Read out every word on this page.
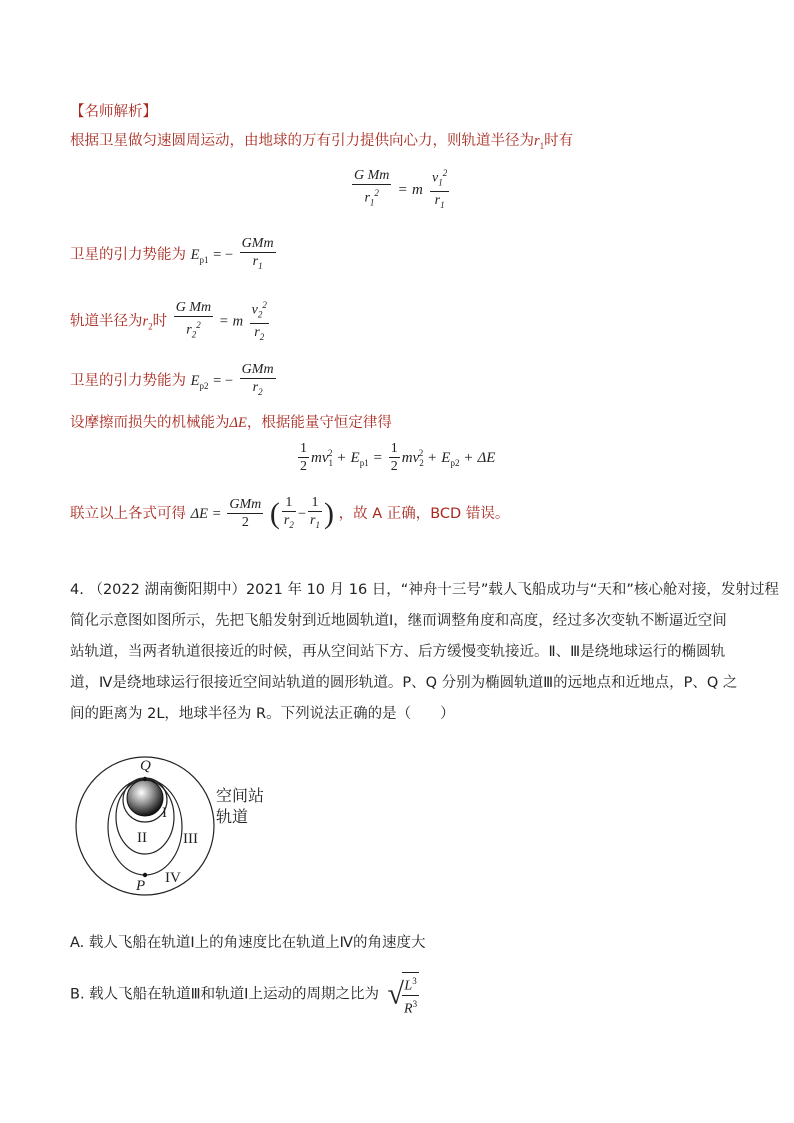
【名师解析】
根据卫星做匀速圆周运动，由地球的万有引力提供向心力，则轨道半径为$r_1$时有
$\frac{\text{G Mm}}{r_1^2} = m \frac{v_1^2}{r_1}$
卫星的引力势能为 $E_{p1}$ = − $\frac{\text{GMm}}{r_1}$
轨道半径为$r_2$时 $\frac{\text{G Mm}}{r_2^2} = m \frac{v_2^2}{r_2}$
卫星的引力势能为 $E_{p2}$ = − $\frac{\text{GMm}}{r_2}$
设摩擦而损失的机械能为ΔE，根据能量守恒定律得
$\frac{1}{2} mv_1^2 + E_{p1} = \frac{1}{2} mv_2^2 + E_{p2} + \Delta E$
联立以上各式可得 $\Delta E = \frac{\text{GMm}}{2}$ ( $\frac{1}{r_2} - \frac{1}{r_1}$ ) ，故 A 正确，BCD 错误。
4. （2022 湖南衡阳期中）2021 年 10 月 16 日，“神舟十三号”载人飞船成功与“天和”核心舱对接，发射过程
简化示意图如图所示，先把飞船发射到近地圆轨道Ⅰ，继而调整角度和高度，经过多次变轨不断逼近空间
站轨道，当两者轨道很接近的时候，再从空间站下方、后方缓慢变轨接近。Ⅱ、Ⅲ是绕地球运行的椭圆轨
道，Ⅳ是绕地球运行很接近空间站轨道的圆形轨道。P、Q 分别为椭圆轨道Ⅲ的远地点和近地点，P、Q 之
间的距离为 2L，地球半径为 R。下列说法正确的是（　　）
Q
P
I
II III
IV
空间站
轨道
A. 载人飞船在轨道Ⅰ上的角速度比在轨道上Ⅳ的角速度大
B. 载人飞船在轨道Ⅲ和轨道Ⅰ上运动的周期之比为 √
$\frac{L^3}{R^3}$
